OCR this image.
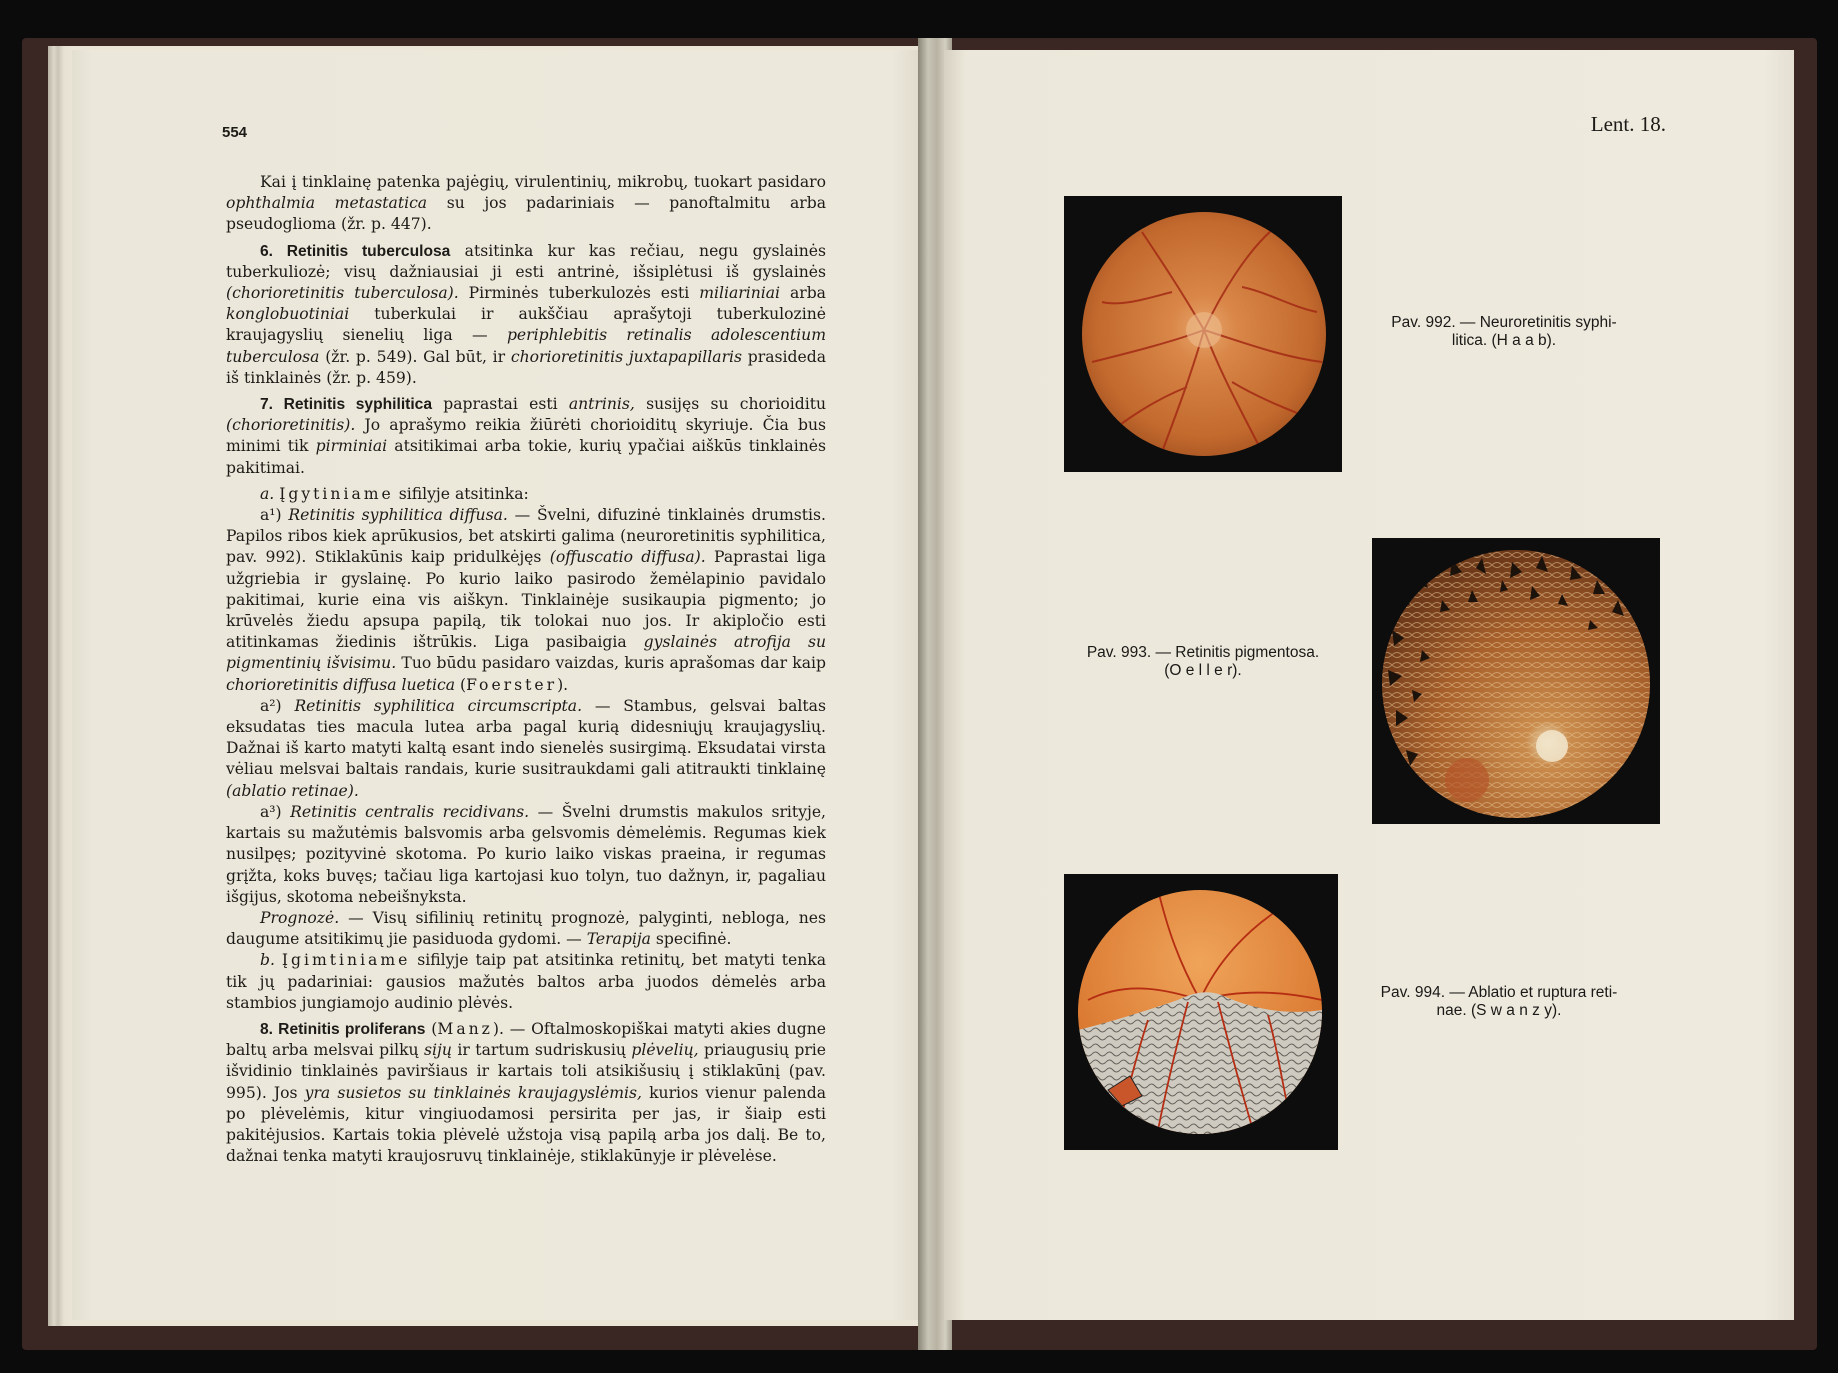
554

Kai į tinklainę patenka pajėgių, virulentinių, mikrobų, tuokart pasidaro ophthalmia metastatica su jos padariniais — panoftalmitu arba pseudoglioma (žr. p. 447).

6. Retinitis tuberculosa atsitinka kur kas rečiau, negu gyslainės tuberkuliozė; visų dažniausiai ji esti antrinė, išsiplėtusi iš gyslainės (chorioretinitis tuberculosa). Pirminės tuberkulozės esti miliariniai arba konglobuotiniai tuberkulai ir aukščiau aprašytoji tuberkulozinė kraujagyslių sienelių liga — periphlebitis retinalis adolescentium tuberculosa (žr. p. 549). Gal būt, ir chorioretinitis juxtapapillaris prasideda iš tinklainės (žr. p. 459).

7. Retinitis syphilitica paprastai esti antrinis, susijęs su chorioiditu (chorioretinitis). Jo aprašymo reikia žiūrėti chorioiditų skyriuje. Čia bus minimi tik pirminiai atsitikimai arba tokie, kurių ypačiai aiškūs tinklainės pakitimai.

a. Įgytiniame sifilyje atsitinka:

a¹) Retinitis syphilitica diffusa. — Švelni, difuzinė tinklainės drumstis. Papilos ribos kiek aprūkusios, bet atskirti galima (neuroretinitis syphilitica, pav. 992). Stiklakūnis kaip pridulkėjęs (offuscatio diffusa). Paprastai liga užgriebia ir gyslainę. Po kurio laiko pasirodo žemėlapinio pavidalo pakitimai, kurie eina vis aiškyn. Tinklainėje susikaupia pigmento; jo krūvelės žiedu apsupa papilą, tik tolokai nuo jos. Ir akipločio esti atitinkamas žiedinis ištrūkis. Liga pasibaigia gyslainės atrofija su pigmentinių išvisimu. Tuo būdu pasidaro vaizdas, kuris aprašomas dar kaip chorioretinitis diffusa luetica (Foerster).

a²) Retinitis syphilitica circumscripta. — Stambus, gelsvai baltas eksudatas ties macula lutea arba pagal kurią didesniųjų kraujagyslių. Dažnai iš karto matyti kaltą esant indo sienelės susirgimą. Eksudatai virsta vėliau melsvai baltais randais, kurie susitraukdami gali atitraukti tinklainę (ablatio retinae).

a³) Retinitis centralis recidivans. — Švelni drumstis makulos srityje, kartais su mažutėmis balsvomis arba gelsvomis dėmelėmis. Regumas kiek nusilpęs; pozityvinė skotoma. Po kurio laiko viskas praeina, ir regumas grįžta, koks buvęs; tačiau liga kartojasi kuo tolyn, tuo dažnyn, ir, pagaliau išgijus, skotoma nebeišnyksta.

Prognozė. — Visų sifilinių retinitų prognozė, palyginti, nebloga, nes daugume atsitikimų jie pasiduoda gydomi. — Terapija specifinė.

b. Įgimtiniame sifilyje taip pat atsitinka retinitų, bet matyti tenka tik jų padariniai: gausios mažutės baltos arba juodos dėmelės arba stambios jungiamojo audinio plėvės.

8. Retinitis proliferans (Manz). — Oftalmoskopiškai matyti akies dugne baltų arba melsvai pilkų sijų ir tartum sudriskusių plėvelių, priaugusių prie išvidinio tinklainės paviršiaus ir kartais toli atsikišusių į stiklakūnį (pav. 995). Jos yra susietos su tinklainės kraujagyslėmis, kurios vienur palenda po plėvelėmis, kitur vingiuodamosi persirita per jas, ir šiaip esti pakitėjusios. Kartais tokia plėvelė užstoja visą papilą arba jos dalį. Be to, dažnai tenka matyti kraujosruvų tinklainėje, stiklakūnyje ir plėvelėse.

Lent. 18.
Pav. 992. — Neuroretinitis syphi-
litica. (H a a b).
Pav. 993. — Retinitis pigmentosa.
(O e l l e r).
Pav. 994. — Ablatio et ruptura reti-
nae. (S w a n z y).
